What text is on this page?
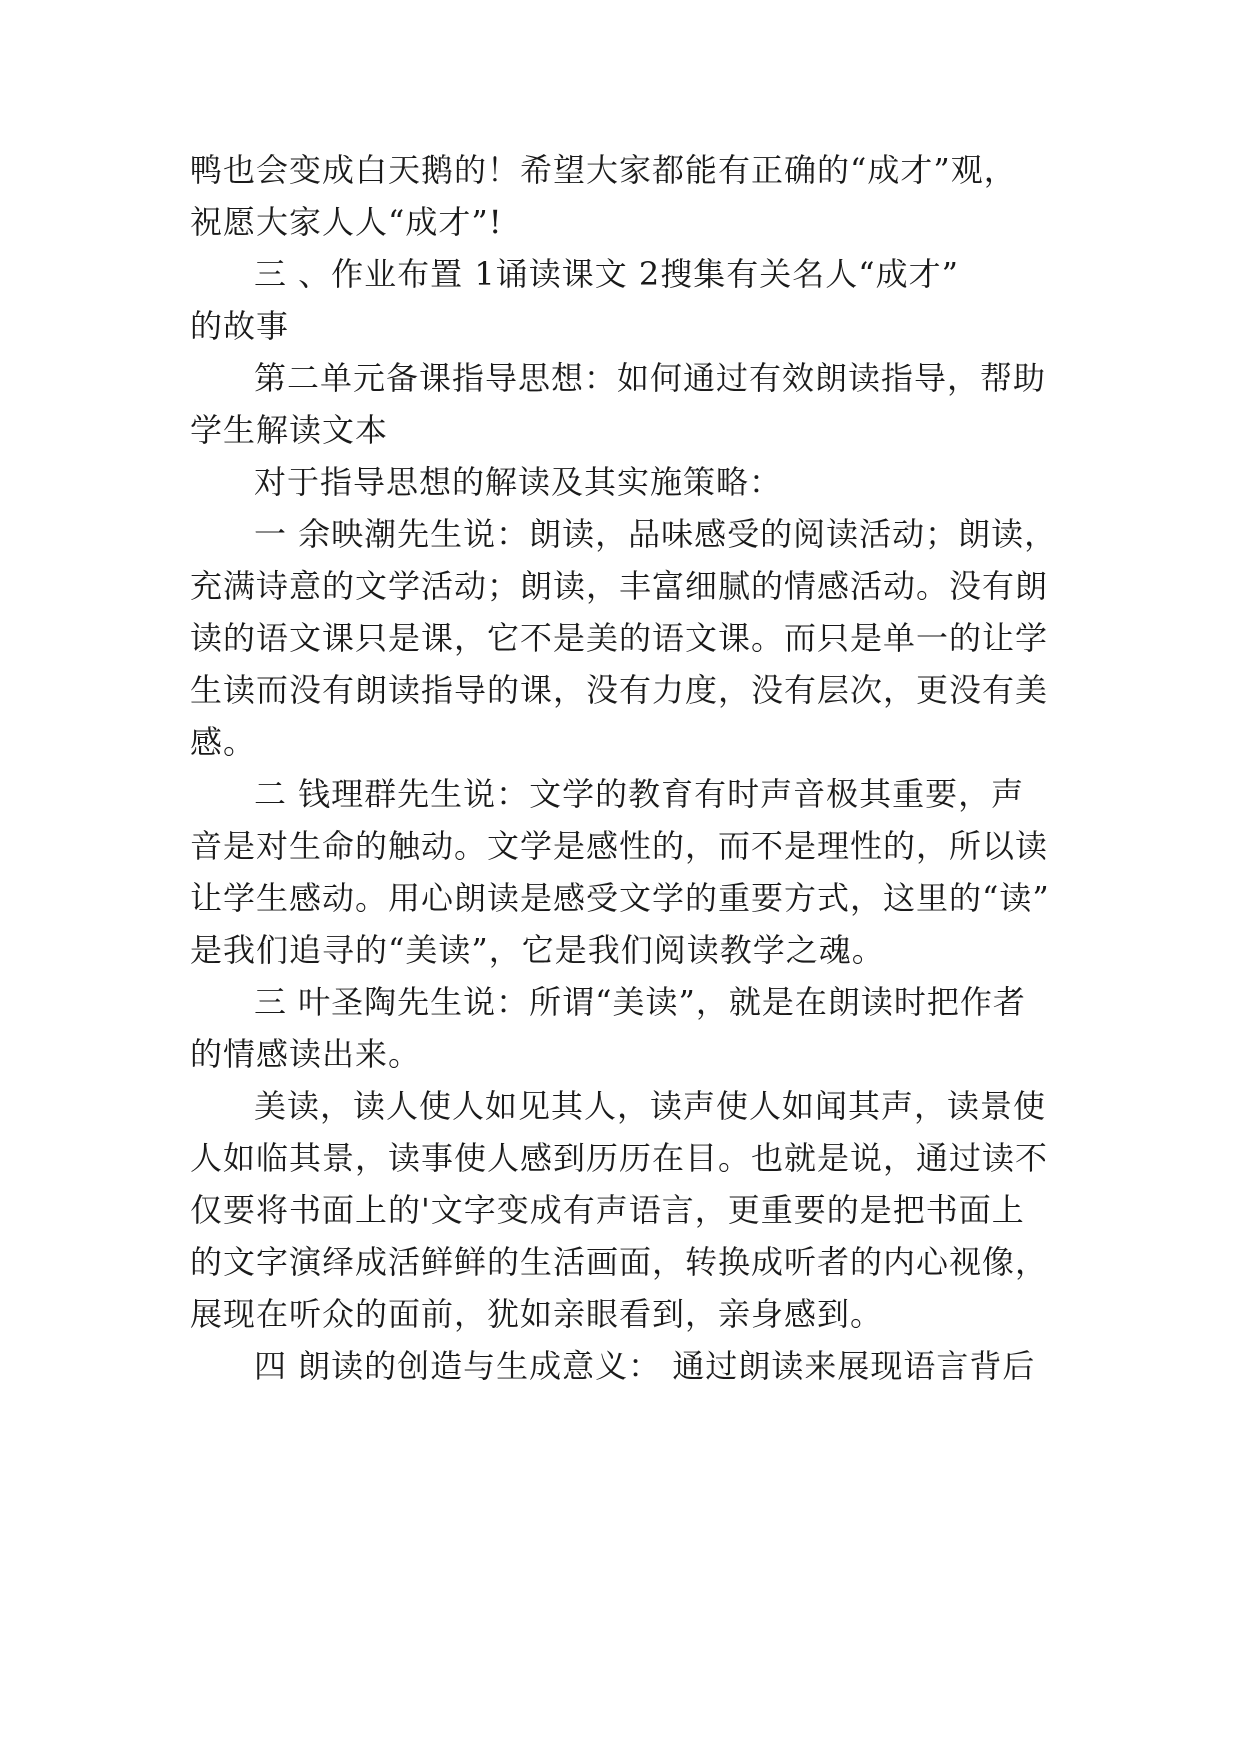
鸭也会变成白天鹅的！希望大家都能有正确的“成才”观，
祝愿大家人人“成才”!
三 、作业布置 1诵读课文 2搜集有关名人“成才”
的故事
第二单元备课指导思想：如何通过有效朗读指导，帮助
学生解读文本
对于指导思想的解读及其实施策略：
一 余映潮先生说：朗读，品味感受的阅读活动；朗读，
充满诗意的文学活动；朗读，丰富细腻的情感活动。没有朗
读的语文课只是课，它不是美的语文课。而只是单一的让学
生读而没有朗读指导的课，没有力度，没有层次，更没有美
感。
二 钱理群先生说：文学的教育有时声音极其重要，声
音是对生命的触动。文学是感性的，而不是理性的，所以读
让学生感动。用心朗读是感受文学的重要方式，这里的“读”
是我们追寻的“美读”，它是我们阅读教学之魂。
三 叶圣陶先生说：所谓“美读”，就是在朗读时把作者
的情感读出来。
美读，读人使人如见其人，读声使人如闻其声，读景使
人如临其景，读事使人感到历历在目。也就是说，通过读不
仅要将书面上的'文字变成有声语言，更重要的是把书面上
的文字演绎成活鲜鲜的生活画面，转换成听者的内心视像，
展现在听众的面前，犹如亲眼看到，亲身感到。
四 朗读的创造与生成意义： 通过朗读来展现语言背后
